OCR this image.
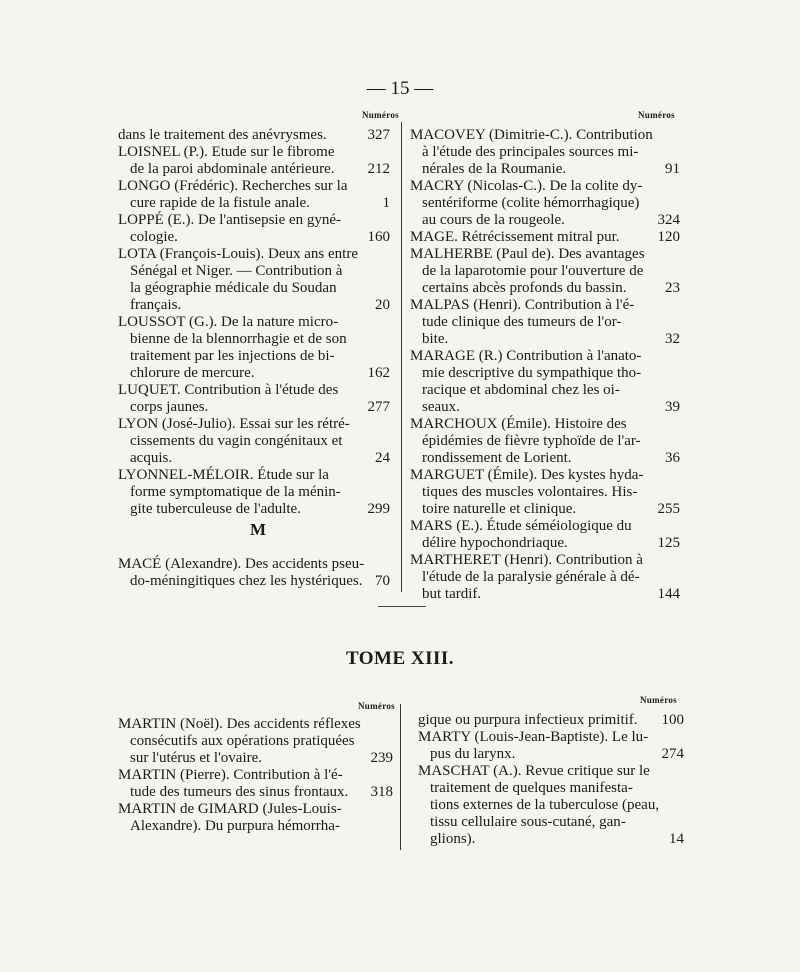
— 15 —
Numéros	Numéros
dans le traitement des anévrysmes.	327
LOISNEL (P.). Etude sur le fibrome
de la paroi abdominale antérieure.	212
LONGO (Frédéric). Recherches sur la
cure rapide de la fistule anale.	1
LOPPÉ (E.). De l'antisepsie en gyné-
cologie.	160
LOTA (François-Louis). Deux ans entre
Sénégal et Niger. — Contribution à
la géographie médicale du Soudan
français.	20
LOUSSOT (G.). De la nature micro-
bienne de la blennorrhagie et de son
traitement par les injections de bi-
chlorure de mercure.	162
LUQUET. Contribution à l'étude des
corps jaunes.	277
LYON (José-Julio). Essai sur les rétré-
cissements du vagin congénitaux et
acquis.	24
LYONNEL-MÉLOIR. Étude sur la
forme symptomatique de la ménin-
gite tuberculeuse de l'adulte.	299
M
MACÉ (Alexandre). Des accidents pseu-
do-méningitiques chez les hystériques. 70
MACOVEY (Dimitrie-C.). Contribution
à l'étude des principales sources mi-
nérales de la Roumanie.	91
MACRY (Nicolas-C.). De la colite dy-
sentériforme (colite hémorrhagique)
au cours de la rougeole.	324
MAGE. Rétrécissement mitral pur.	120
MALHERBE (Paul de). Des avantages
de la laparotomie pour l'ouverture de
certains abcès profonds du bassin.	23
MALPAS (Henri). Contribution à l'é-
tude clinique des tumeurs de l'or-
bite.	32
MARAGE (R.) Contribution à l'anato-
mie descriptive du sympathique tho-
racique et abdominal chez les oi-
seaux.	39
MARCHOUX (Émile). Histoire des
épidémies de fièvre typhoïde de l'ar-
rondissement de Lorient.	36
MARGUET (Émile). Des kystes hyda-
tiques des muscles volontaires. His-
toire naturelle et clinique.	255
MARS (E.). Étude séméiologique du
délire hypochondriaque.	125
MARTHERET (Henri). Contribution à
l'étude de la paralysie générale à dé-
but tardif.	144
TOME XIII.
Numéros
Numéros
MARTIN (Noël). Des accidents réflexes
consécutifs aux opérations pratiquées
sur l'utérus et l'ovaire.	239
MARTIN (Pierre). Contribution à l'é-
tude des tumeurs des sinus frontaux.	318
MARTIN de GIMARD (Jules-Louis-
Alexandre). Du purpura hémorrha-
gique ou purpura infectieux primitif.	100
MARTY (Louis-Jean-Baptiste). Le lu-
pus du larynx.	274
MASCHAT (A.). Revue critique sur le
traitement de quelques manifesta-
tions externes de la tuberculose (peau,
tissu cellulaire sous-cutané, gan-
glions).	14
